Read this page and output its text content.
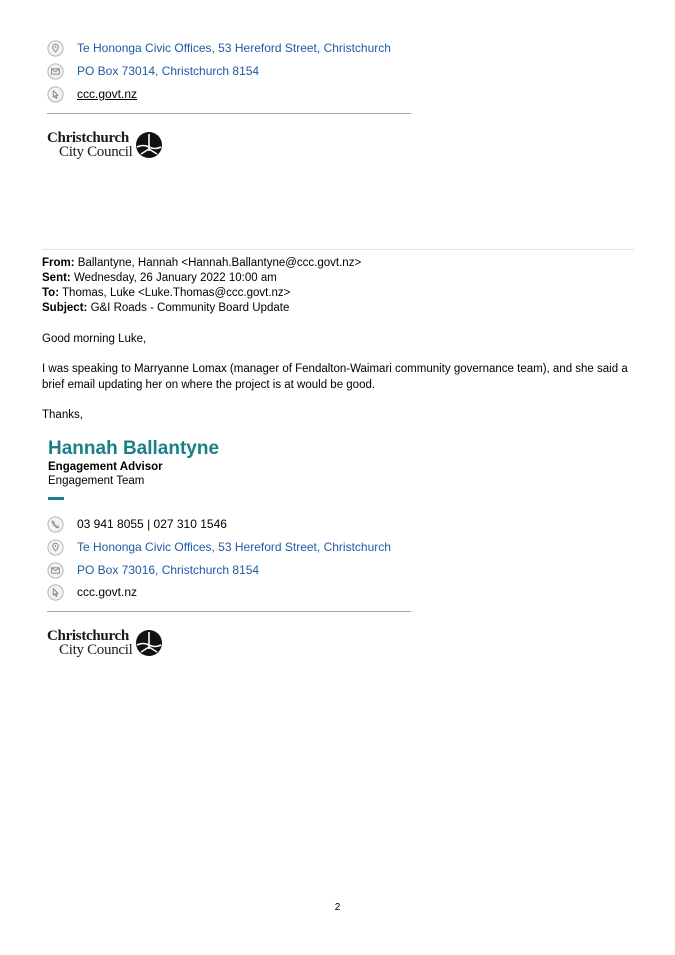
Te Hononga Civic Offices, 53 Hereford Street, Christchurch
PO Box 73014, Christchurch 8154
ccc.govt.nz
Christchurch
City Council
From: Ballantyne, Hannah <Hannah.Ballantyne@ccc.govt.nz>
Sent: Wednesday, 26 January 2022 10:00 am
To: Thomas, Luke <Luke.Thomas@ccc.govt.nz>
Subject: G&I Roads - Community Board Update
Good morning Luke,
I was speaking to Marryanne Lomax (manager of Fendalton-Waimari community governance team), and she said a brief email updating her on where the project is at would be good.
Thanks,
Hannah Ballantyne
Engagement Advisor
Engagement Team
03 941 8055 | 027 310 1546
Te Hononga Civic Offices, 53 Hereford Street, Christchurch
PO Box 73016, Christchurch 8154
ccc.govt.nz
Christchurch
City Council
2
